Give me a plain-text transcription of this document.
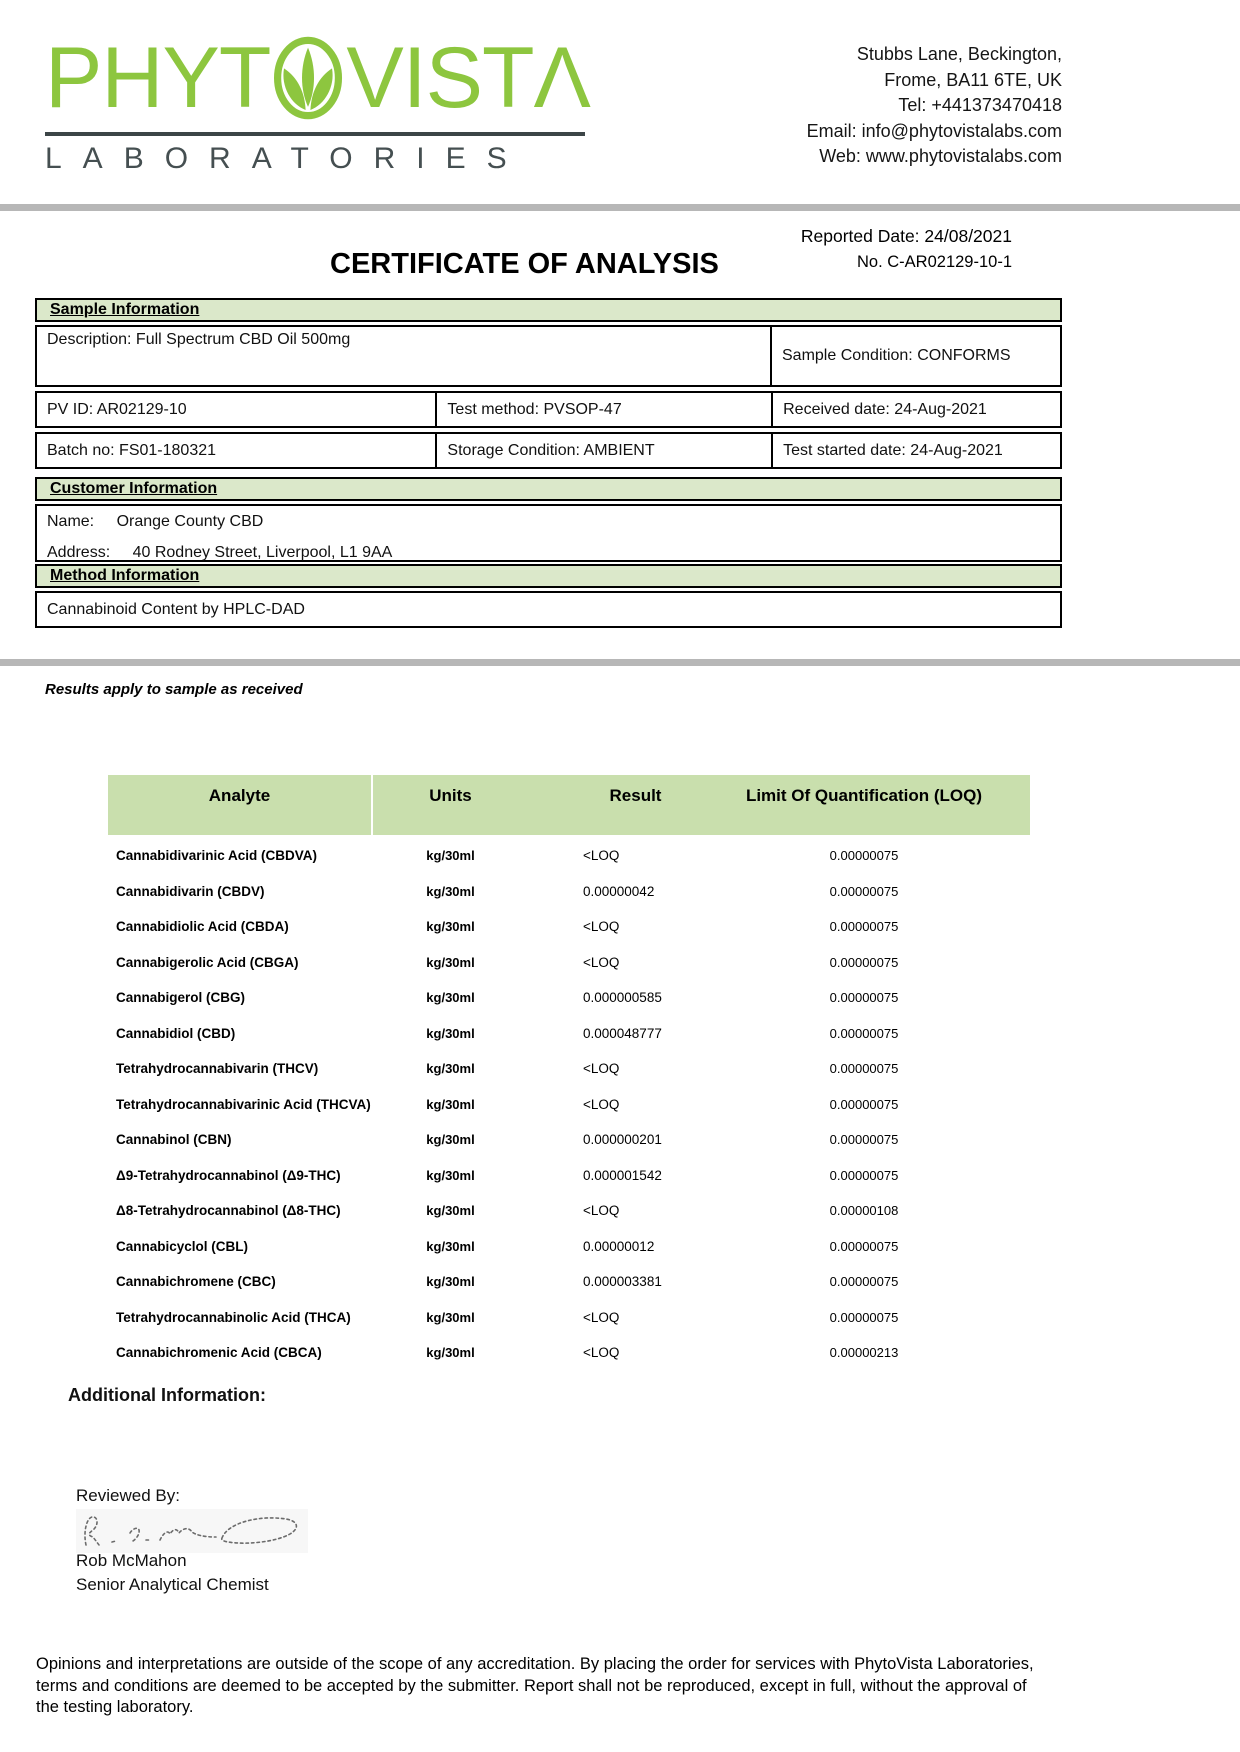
PHYT VISTΛ
LABORATORIES
Stubbs Lane, Beckington,
Frome, BA11 6TE, UK
Tel: +441373470418
Email: info@phytovistalabs.com
Web: www.phytovistalabs.com
Reported Date: 24/08/2021
No. C-AR02129-10-1
CERTIFICATE OF ANALYSIS
Sample Information
Description: Full Spectrum CBD Oil 500mg
Sample Condition: CONFORMS
PV ID: AR02129-10	Test method: PVSOP-47	Received date: 24-Aug-2021
Batch no: FS01-180321	Storage Condition: AMBIENT	Test started date: 24-Aug-2021
Customer Information
Name: Orange County CBD
Address: 40 Rodney Street, Liverpool, L1 9AA
Method Information
Cannabinoid Content by HPLC-DAD
Results apply to sample as received
Analyte	Units	Result	Limit Of Quantification (LOQ)
Cannabidivarinic Acid (CBDVA)	kg/30ml	<LOQ	0.00000075
Cannabidivarin (CBDV)	kg/30ml	0.00000042	0.00000075
Cannabidiolic Acid (CBDA)	kg/30ml	<LOQ	0.00000075
Cannabigerolic Acid (CBGA)	kg/30ml	<LOQ	0.00000075
Cannabigerol (CBG)	kg/30ml	0.000000585	0.00000075
Cannabidiol (CBD)	kg/30ml	0.000048777	0.00000075
Tetrahydrocannabivarin (THCV)	kg/30ml	<LOQ	0.00000075
Tetrahydrocannabivarinic Acid (THCVA)	kg/30ml	<LOQ	0.00000075
Cannabinol (CBN)	kg/30ml	0.000000201	0.00000075
Δ9-Tetrahydrocannabinol (Δ9-THC)	kg/30ml	0.000001542	0.00000075
Δ8-Tetrahydrocannabinol (Δ8-THC)	kg/30ml	<LOQ	0.00000108
Cannabicyclol (CBL)	kg/30ml	0.00000012	0.00000075
Cannabichromene (CBC)	kg/30ml	0.000003381	0.00000075
Tetrahydrocannabinolic Acid (THCA)	kg/30ml	<LOQ	0.00000075
Cannabichromenic Acid (CBCA)	kg/30ml	<LOQ	0.00000213
Additional Information:
Reviewed By:
Rob McMahon
Senior Analytical Chemist
Opinions and interpretations are outside of the scope of any accreditation. By placing the order for services with PhytoVista Laboratories,
terms and conditions are deemed to be accepted by the submitter. Report shall not be reproduced, except in full, without the approval of
the testing laboratory.
